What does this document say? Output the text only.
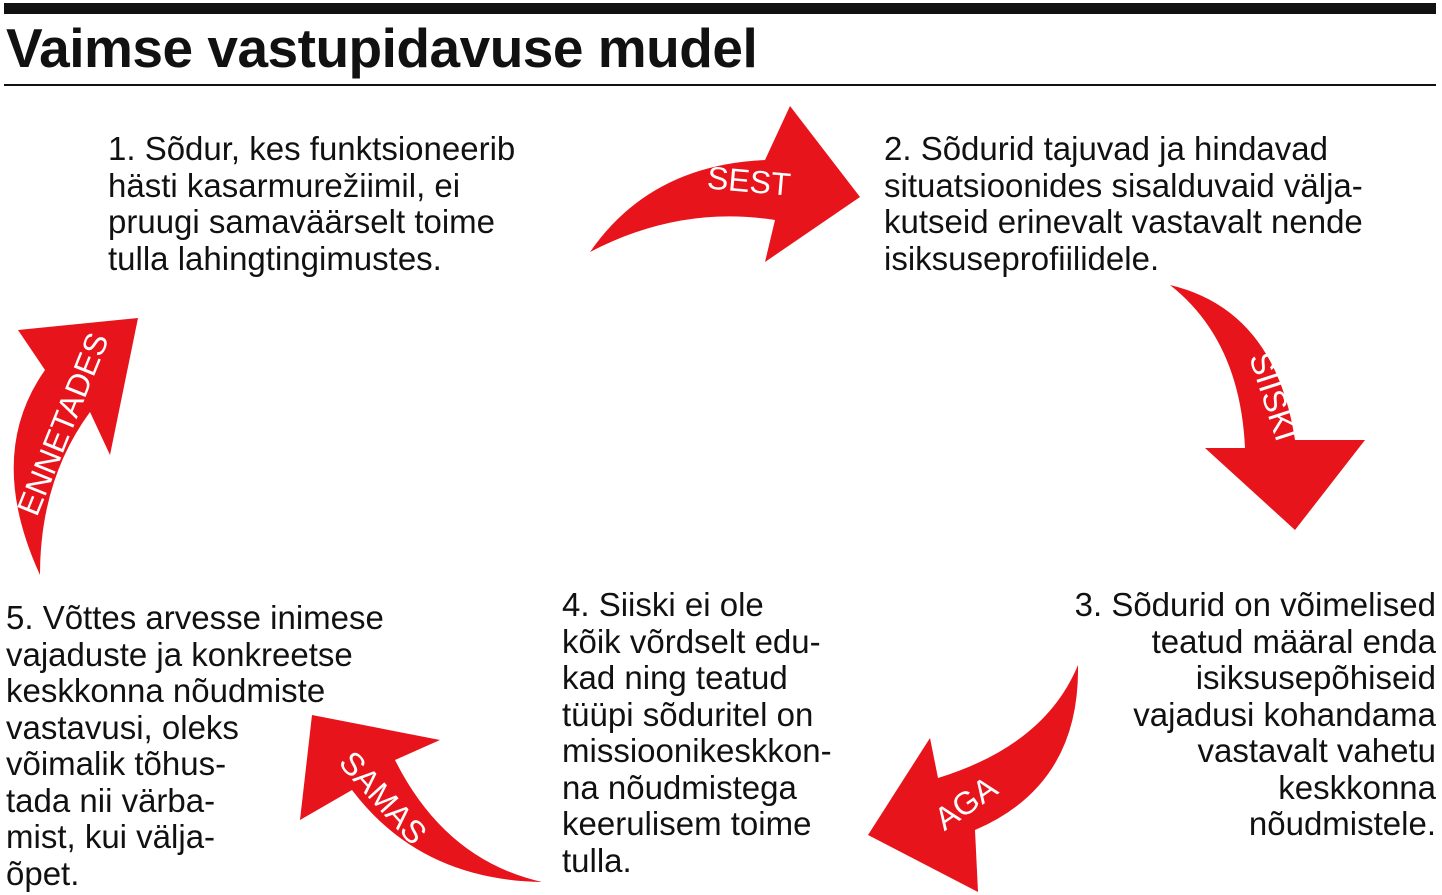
Vaimse vastupidavuse mudel
SEST
SIISKI
AGA
SAMAS
ENNETADES

1. Sõdur, kes funktsioneerib
hästi kasarmurežiimil, ei
pruugi samaväärselt toime
tulla lahingtingimustes.

2. Sõdurid tajuvad ja hindavad
situatsioonides sisalduvaid välja-
kutseid erinevalt vastavalt nende
isiksuseprofiilidele.

3. Sõdurid on võimelised
teatud määral enda
isiksusepõhiseid
vajadusi kohandama
vastavalt vahetu
keskkonna
nõudmistele.

4. Siiski ei ole
kõik võrdselt edu-
kad ning teatud
tüüpi sõduritel on
missioonikeskkon-
na nõudmistega
keerulisem toime
tulla.

5. Võttes arvesse inimese
vajaduste ja konkreetse
keskkonna nõudmiste
vastavusi, oleks
võimalik tõhus-
tada nii värba-
mist, kui välja-
õpet.
